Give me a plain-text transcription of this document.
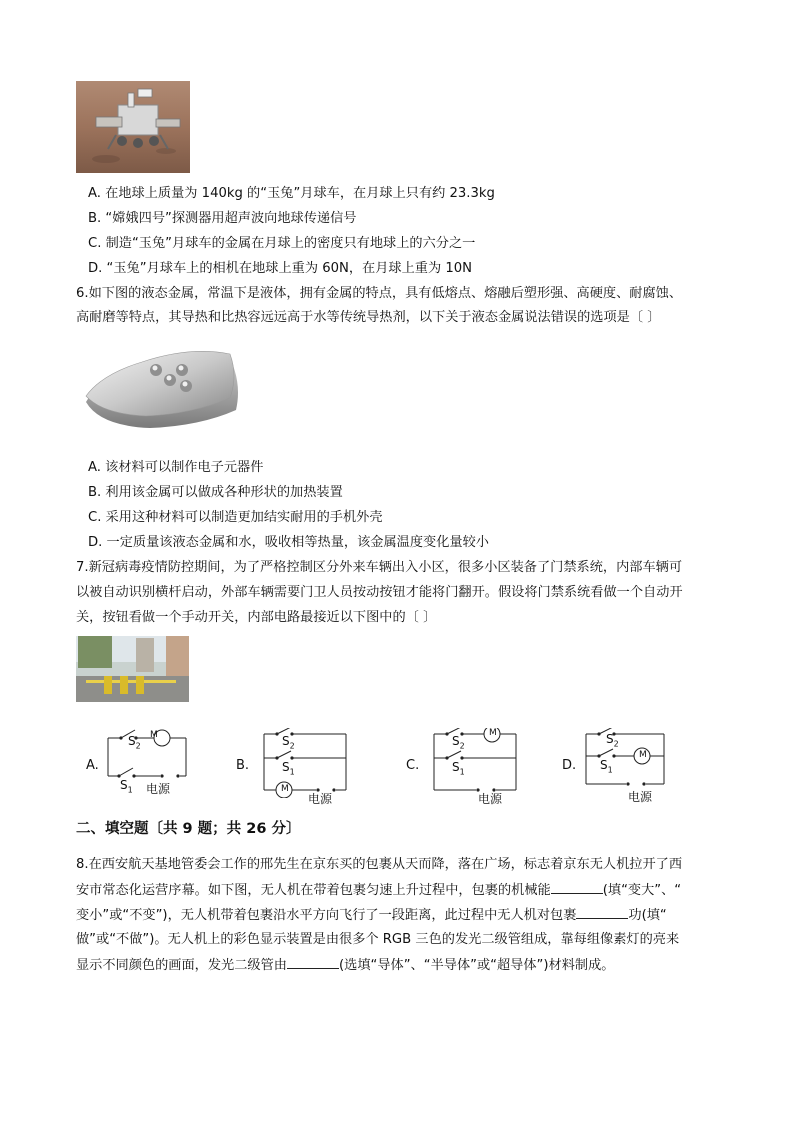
A. 在地球上质量为 140kg 的“玉兔”月球车，在月球上只有约 23.3kg
B. “嫦娥四号”探测器用超声波向地球传递信号
C. 制造“玉兔”月球车的金属在月球上的密度只有地球上的六分之一
D. “玉兔”月球车上的相机在地球上重为 60N，在月球上重为 10N
6.如下图的液态金属，常温下是液体，拥有金属的特点，具有低熔点、熔融后塑形强、高硬度、耐腐蚀、
高耐磨等特点，其导热和比热容远远高于水等传统导热剂，以下关于液态金属说法错误的选项是〔 〕
A. 该材料可以制作电子元器件
B. 利用该金属可以做成各种形状的加热装置
C. 采用这种材料可以制造更加结实耐用的手机外壳
D. 一定质量该液态金属和水，吸收相等热量，该金属温度变化量较小
7.新冠病毒疫情防控期间，为了严格控制区分外来车辆出入小区，很多小区装备了门禁系统，内部车辆可
以被自动识别横杆启动，外部车辆需要门卫人员按动按钮才能将门翻开。假设将门禁系统看做一个自动开
关，按钮看做一个手动开关，内部电路最接近以下图中的〔 〕
A.
M
$S_2$
$S_1$ 电源
B.
M
$S_2$
$S_1$
电源
C.
M
$S_2$
$S_1$
电源
D.
M
$S_2$
$S_1$
电源
二、填空题〔共 9 题；共 26 分〕
8.在西安航天基地管委会工作的邢先生在京东买的包裹从天而降，落在广场，标志着京东无人机拉开了西
安市常态化运营序幕。如下图，无人机在带着包裹匀速上升过程中，包裹的机械能	(填“变大”、“
变小”或“不变”)，无人机带着包裹沿水平方向飞行了一段距离，此过程中无人机对包裹	功(填“
做”或“不做”)。无人机上的彩色显示装置是由很多个 RGB 三色的发光二级管组成，靠每组像素灯的亮来
显示不同颜色的画面，发光二级管由	(选填“导体”、“半导体”或“超导体”)材料制成。
